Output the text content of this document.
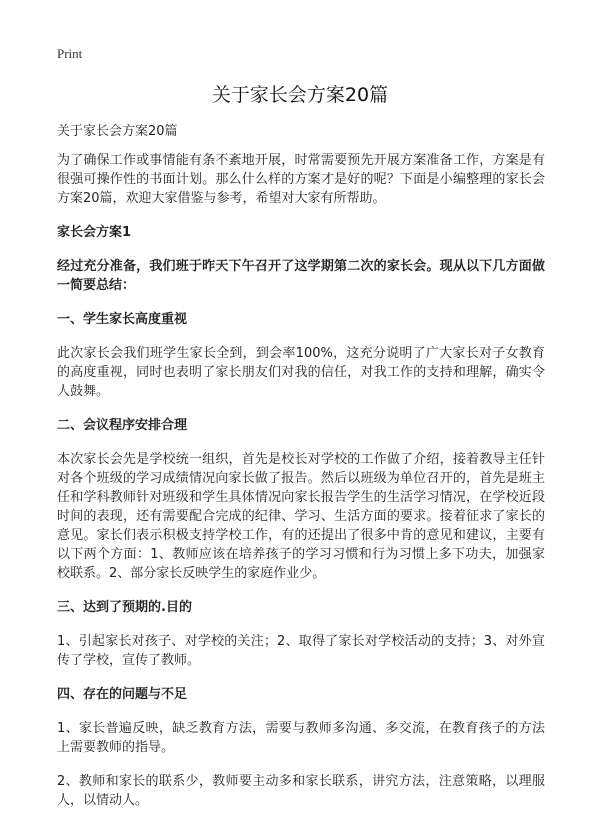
Print
关于家长会方案20篇

关于家长会方案20篇

为了确保工作或事情能有条不紊地开展，时常需要预先开展方案准备工作，方案是有很强可操作性的书面计划。那么什么样的方案才是好的呢？下面是小编整理的家长会方案20篇，欢迎大家借鉴与参考，希望对大家有所帮助。

家长会方案1

经过充分准备，我们班于昨天下午召开了这学期第二次的家长会。现从以下几方面做一简要总结：

一、学生家长高度重视

此次家长会我们班学生家长全到，到会率100%，这充分说明了广大家长对子女教育的高度重视，同时也表明了家长朋友们对我的信任，对我工作的支持和理解，确实令人鼓舞。

二、会议程序安排合理

本次家长会先是学校统一组织，首先是校长对学校的工作做了介绍，接着教导主任针对各个班级的学习成绩情况向家长做了报告。然后以班级为单位召开的，首先是班主任和学科教师针对班级和学生具体情况向家长报告学生的生活学习情况，在学校近段时间的表现，还有需要配合完成的纪律、学习、生活方面的要求。接着征求了家长的意见。家长们表示积极支持学校工作，有的还提出了很多中肯的意见和建议，主要有以下两个方面：1、教师应该在培养孩子的学习习惯和行为习惯上多下功夫，加强家校联系。2、部分家长反映学生的家庭作业少。

三、达到了预期的.目的

1、引起家长对孩子、对学校的关注；2、取得了家长对学校活动的支持；3、对外宣传了学校，宣传了教师。

四、存在的问题与不足

1、家长普遍反映，缺乏教育方法，需要与教师多沟通、多交流，在教育孩子的方法上需要教师的指导。

2、教师和家长的联系少，教师要主动多和家长联系，讲究方法，注意策略，以理服人，以情动人。
